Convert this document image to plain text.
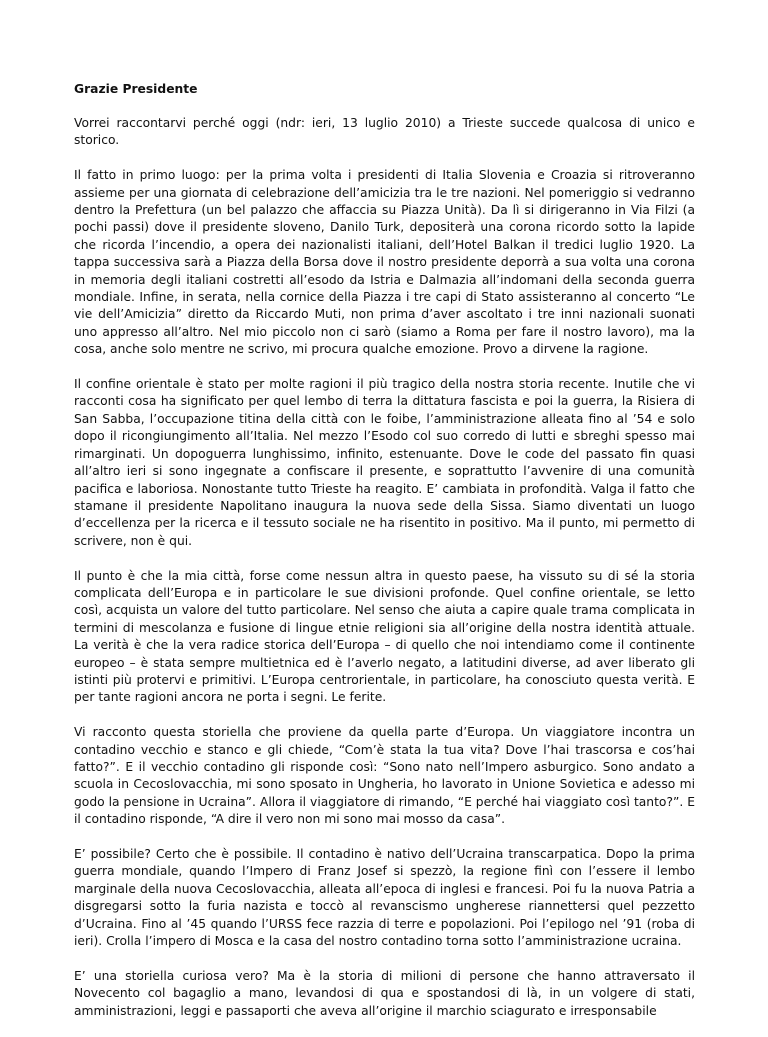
Grazie Presidente

Vorrei raccontarvi perché oggi (ndr: ieri, 13 luglio 2010) a Trieste succede qualcosa di unico e storico.

Il fatto in primo luogo: per la prima volta i presidenti di Italia Slovenia e Croazia si ritroveranno assieme per una giornata di celebrazione dell’amicizia tra le tre nazioni. Nel pomeriggio si vedranno dentro la Prefettura (un bel palazzo che affaccia su Piazza Unità). Da lì si dirigeranno in Via Filzi (a pochi passi) dove il presidente sloveno, Danilo Turk, depositerà una corona ricordo sotto la lapide che ricorda l’incendio, a opera dei nazionalisti italiani, dell’Hotel Balkan il tredici luglio 1920. La tappa successiva sarà a Piazza della Borsa dove il nostro presidente deporrà a sua volta una corona in memoria degli italiani costretti all’esodo da Istria e Dalmazia all’indomani della seconda guerra mondiale. Infine, in serata, nella cornice della Piazza i tre capi di Stato assisteranno al concerto “Le vie dell’Amicizia” diretto da Riccardo Muti, non prima d’aver ascoltato i tre inni nazionali suonati uno appresso all’altro. Nel mio piccolo non ci sarò (siamo a Roma per fare il nostro lavoro), ma la cosa, anche solo mentre ne scrivo, mi procura qualche emozione. Provo a dirvene la ragione.

Il confine orientale è stato per molte ragioni il più tragico della nostra storia recente. Inutile che vi racconti cosa ha significato per quel lembo di terra la dittatura fascista e poi la guerra, la Risiera di San Sabba, l’occupazione titina della città con le foibe, l’amministrazione alleata fino al ’54 e solo dopo il ricongiungimento all’Italia. Nel mezzo l’Esodo col suo corredo di lutti e sbreghi spesso mai rimarginati. Un dopoguerra lunghissimo, infinito, estenuante. Dove le code del passato fin quasi all’altro ieri si sono ingegnate a confiscare il presente, e soprattutto l’avvenire di una comunità pacifica e laboriosa. Nonostante tutto Trieste ha reagito. E’ cambiata in profondità. Valga il fatto che stamane il presidente Napolitano inaugura la nuova sede della Sissa. Siamo diventati un luogo d’eccellenza per la ricerca e il tessuto sociale ne ha risentito in positivo. Ma il punto, mi permetto di scrivere, non è qui.

Il punto è che la mia città, forse come nessun altra in questo paese, ha vissuto su di sé la storia complicata dell’Europa e in particolare le sue divisioni profonde. Quel confine orientale, se letto così, acquista un valore del tutto particolare. Nel senso che aiuta a capire quale trama complicata in termini di mescolanza e fusione di lingue etnie religioni sia all’origine della nostra identità attuale. La verità è che la vera radice storica dell’Europa – di quello che noi intendiamo come il continente europeo – è stata sempre multietnica ed è l’averlo negato, a latitudini diverse, ad aver liberato gli istinti più protervi e primitivi. L’Europa centrorientale, in particolare, ha conosciuto questa verità. E per tante ragioni ancora ne porta i segni. Le ferite.

Vi racconto questa storiella che proviene da quella parte d’Europa. Un viaggiatore incontra un contadino vecchio e stanco e gli chiede, “Com’è stata la tua vita? Dove l’hai trascorsa e cos’hai fatto?”. E il vecchio contadino gli risponde così: “Sono nato nell’Impero asburgico. Sono andato a scuola in Cecoslovacchia, mi sono sposato in Ungheria, ho lavorato in Unione Sovietica e adesso mi godo la pensione in Ucraina”. Allora il viaggiatore di rimando, “E perché hai viaggiato così tanto?”. E il contadino risponde, “A dire il vero non mi sono mai mosso da casa”.

E’ possibile? Certo che è possibile. Il contadino è nativo dell’Ucraina transcarpatica. Dopo la prima guerra mondiale, quando l’Impero di Franz Josef si spezzò, la regione finì con l’essere il lembo marginale della nuova Cecoslovacchia, alleata all’epoca di inglesi e francesi. Poi fu la nuova Patria a disgregarsi sotto la furia nazista e toccò al revanscismo ungherese riannettersi quel pezzetto d’Ucraina. Fino al ’45 quando l’URSS fece razzia di terre e popolazioni. Poi l’epilogo nel ’91 (roba di ieri). Crolla l’impero di Mosca e la casa del nostro contadino torna sotto l’amministrazione ucraina.

E’ una storiella curiosa vero? Ma è la storia di milioni di persone che hanno attraversato il Novecento col bagaglio a mano, levandosi di qua e spostandosi di là, in un volgere di stati, amministrazioni, leggi e passaporti che aveva all’origine il marchio sciagurato e irresponsabile
